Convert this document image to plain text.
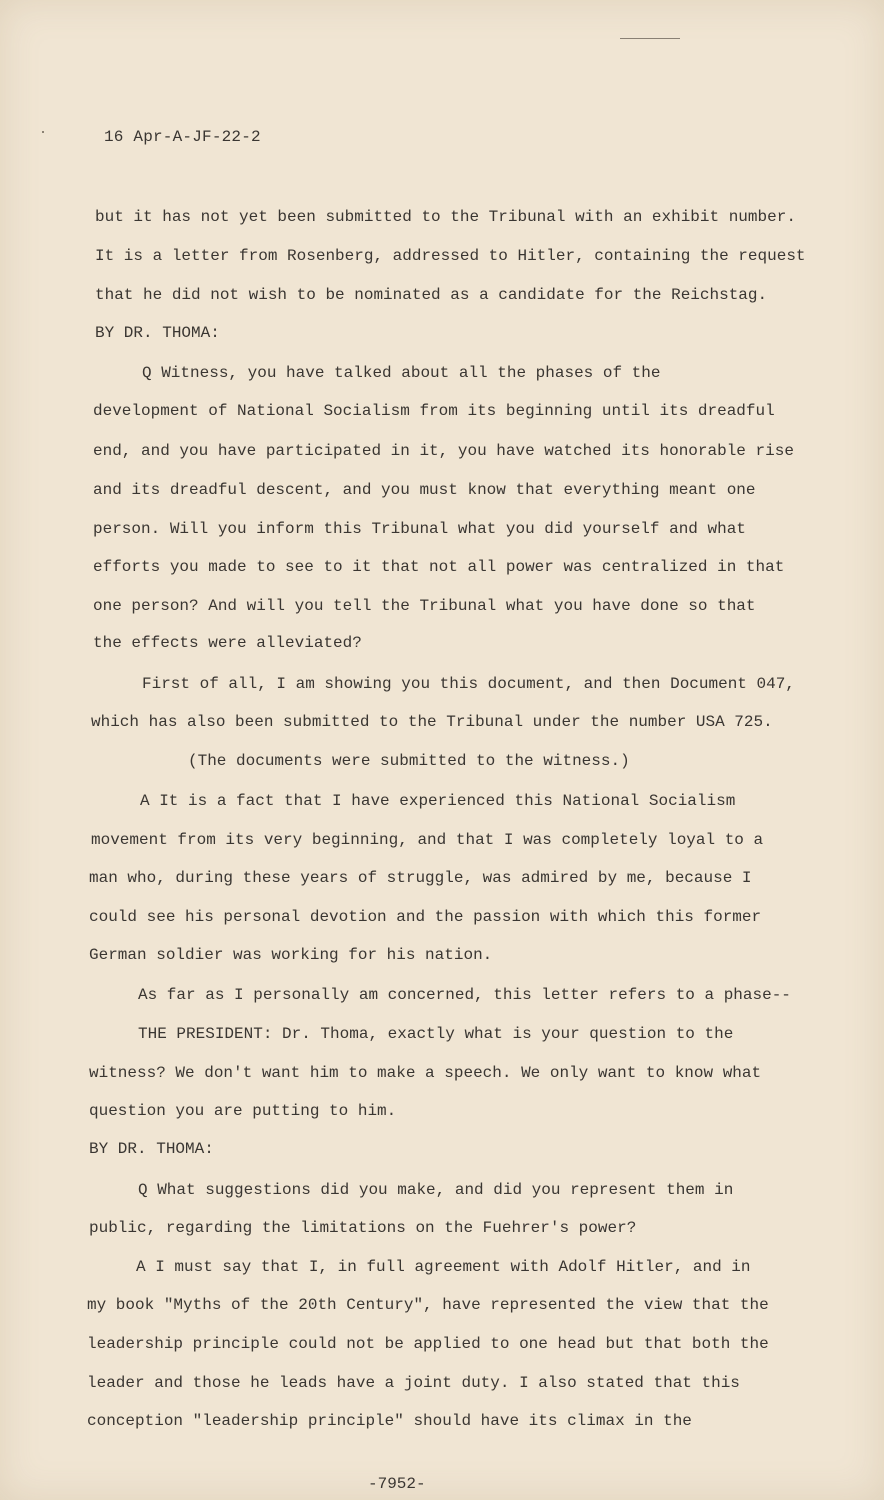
16 Apr-A-JF-22-2
but it has not yet been submitted to the Tribunal with an exhibit number.
It is a letter from Rosenberg, addressed to Hitler, containing the request
that he did not wish to be nominated as a candidate for the Reichstag.
BY DR. THOMA:
Q Witness, you have talked about all the phases of the
development of National Socialism from its beginning until its dreadful
end, and you have participated in it, you have watched its honorable rise
and its dreadful descent, and you must know that everything meant one
person. Will you inform this Tribunal what you did yourself and what
efforts you made to see to it that not all power was centralized in that
one person? And will you tell the Tribunal what you have done so that
the effects were alleviated?
First of all, I am showing you this document, and then Document 047,
which has also been submitted to the Tribunal under the number USA 725.
(The documents were submitted to the witness.)
A It is a fact that I have experienced this National Socialism
movement from its very beginning, and that I was completely loyal to a
man who, during these years of struggle, was admired by me, because I
could see his personal devotion and the passion with which this former
German soldier was working for his nation.
As far as I personally am concerned, this letter refers to a phase--
THE PRESIDENT: Dr. Thoma, exactly what is your question to the
witness? We don't want him to make a speech. We only want to know what
question you are putting to him.
BY DR. THOMA:
Q What suggestions did you make, and did you represent them in
public, regarding the limitations on the Fuehrer's power?
A I must say that I, in full agreement with Adolf Hitler, and in
my book "Myths of the 20th Century", have represented the view that the
leadership principle could not be applied to one head but that both the
leader and those he leads have a joint duty. I also stated that this
conception "leadership principle" should have its climax in the
-7952-
